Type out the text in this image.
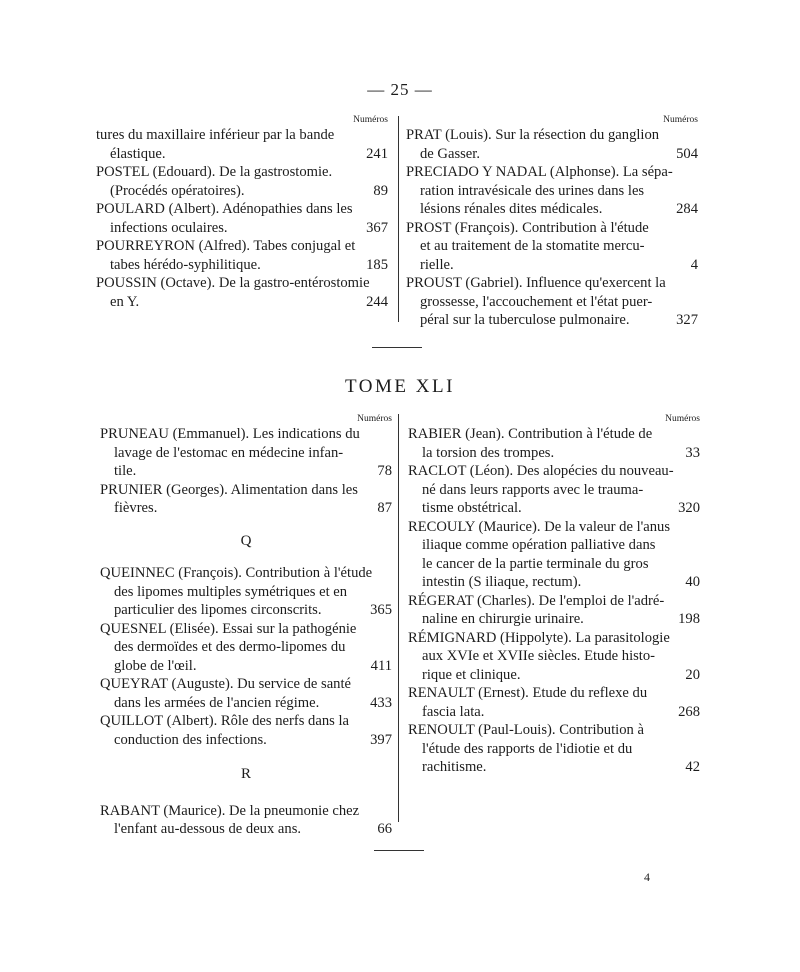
— 25 —
Numéros
tures du maxillaire inférieur par la bande
élastique.	241
POSTEL (Edouard). De la gastrostomie.
(Procédés opératoires).	89
POULARD (Albert). Adénopathies dans les
infections oculaires.	367
POURREYRON (Alfred). Tabes conjugal et
tabes hérédo-syphilitique.	185
POUSSIN (Octave). De la gastro-entérostomie
en Y.	244
Numéros
PRAT (Louis). Sur la résection du ganglion
de Gasser.	504
PRECIADO Y NADAL (Alphonse). La sépa-
ration intravésicale des urines dans les
lésions rénales dites médicales.	284
PROST (François). Contribution à l'étude
et au traitement de la stomatite mercu-
rielle.	4
PROUST (Gabriel). Influence qu'exercent la
grossesse, l'accouchement et l'état puer-
péral sur la tuberculose pulmonaire.	327
TOME XLI
Numéros
PRUNEAU (Emmanuel). Les indications du
lavage de l'estomac en médecine infan-
tile.	78
PRUNIER (Georges). Alimentation dans les
fièvres.	87
Q
QUEINNEC (François). Contribution à l'étude
des lipomes multiples symétriques et en
particulier des lipomes circonscrits.	365
QUESNEL (Elisée). Essai sur la pathogénie
des dermoïdes et des dermo-lipomes du
globe de l'œil.	411
QUEYRAT (Auguste). Du service de santé
dans les armées de l'ancien régime.	433
QUILLOT (Albert). Rôle des nerfs dans la
conduction des infections.	397
R
RABANT (Maurice). De la pneumonie chez
l'enfant au-dessous de deux ans.	66
Numéros
RABIER (Jean). Contribution à l'étude de
la torsion des trompes.	33
RACLOT (Léon). Des alopécies du nouveau-
né dans leurs rapports avec le trauma-
tisme obstétrical.	320
RECOULY (Maurice). De la valeur de l'anus
iliaque comme opération palliative dans
le cancer de la partie terminale du gros
intestin (S iliaque, rectum).	40
RÉGERAT (Charles). De l'emploi de l'adré-
naline en chirurgie urinaire.	198
RÉMIGNARD (Hippolyte). La parasitologie
aux XVIe et XVIIe siècles. Etude histo-
rique et clinique.	20
RENAULT (Ernest). Etude du reflexe du
fascia lata.	268
RENOULT (Paul-Louis). Contribution à
l'étude des rapports de l'idiotie et du
rachitisme.	42
4
